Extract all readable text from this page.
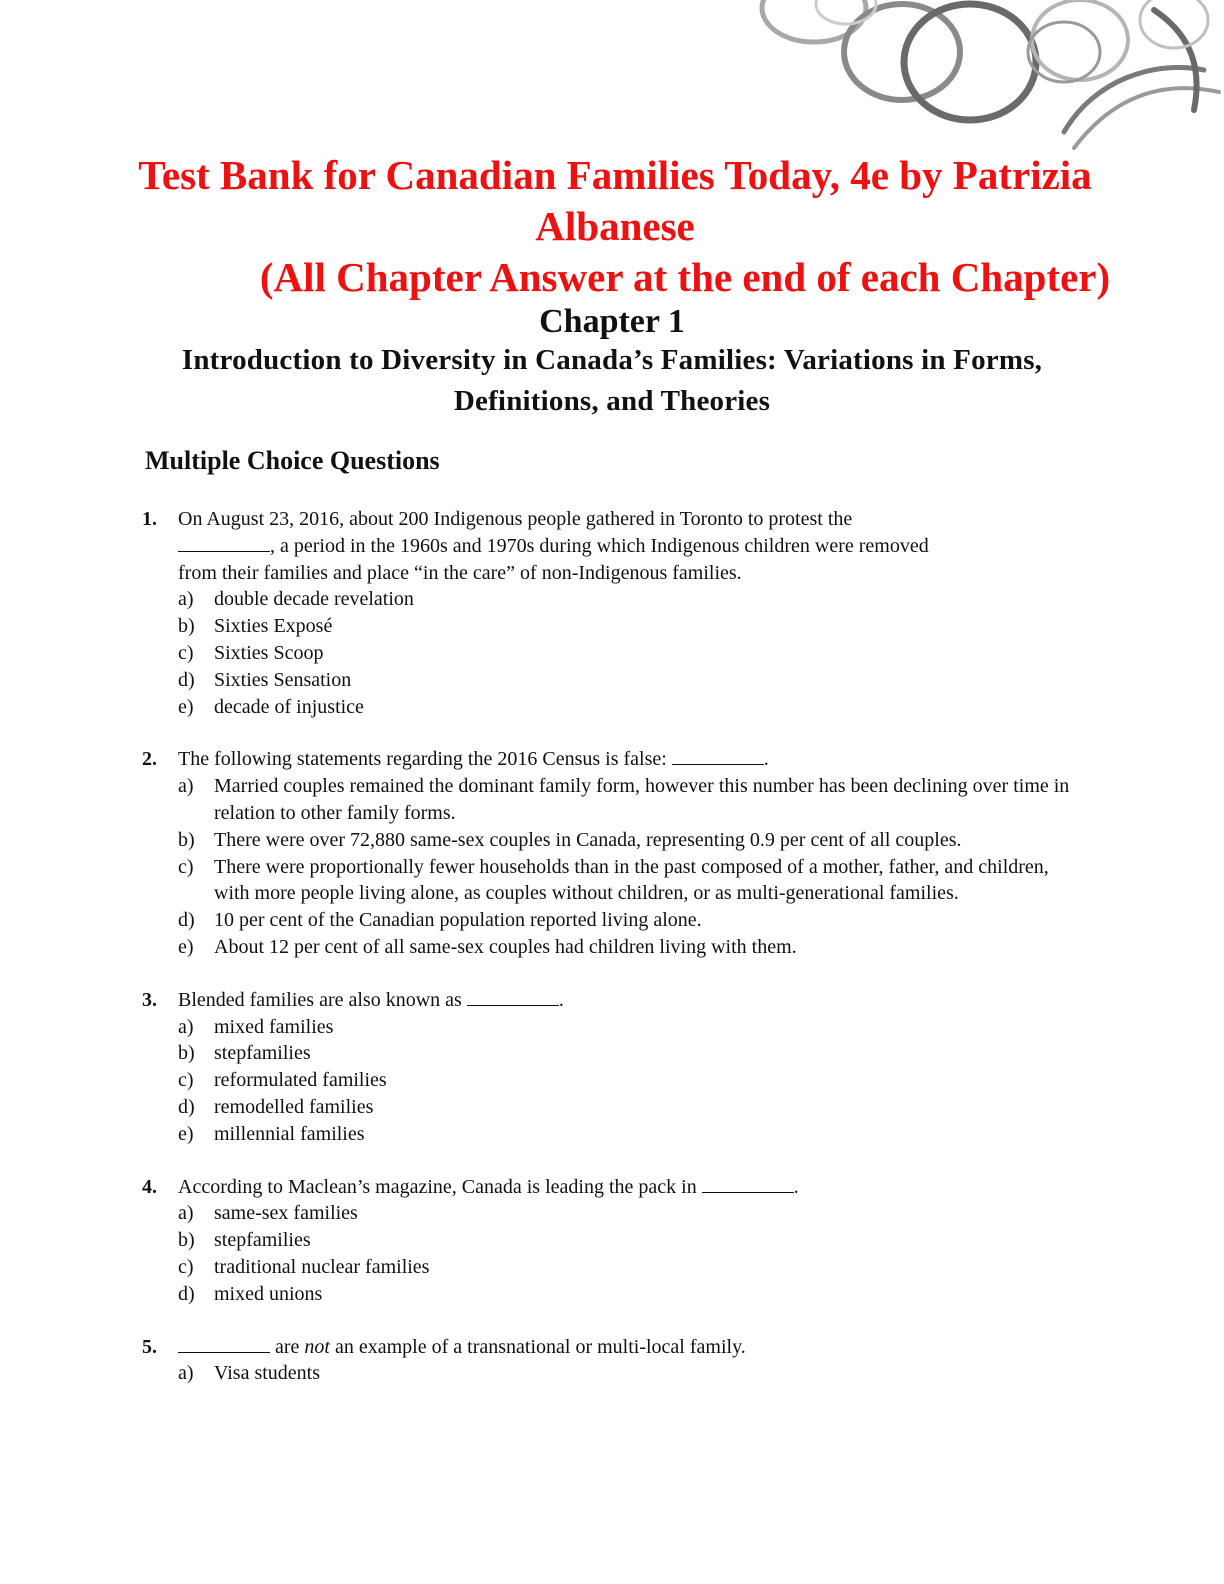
Test Bank for Canadian Families Today, 4e by Patrizia
Albanese
(All Chapter Answer at the end of each Chapter)
Chapter 1
Introduction to Diversity in Canada’s Families: Variations in Forms,
Definitions, and Theories
Multiple Choice Questions
1. On August 23, 2016, about 200 Indigenous people gathered in Toronto to protest the
, a period in the 1960s and 1970s during which Indigenous children were removed
from their families and place “in the care” of non-Indigenous families.
a) double decade revelation
b) Sixties Exposé
c) Sixties Scoop
d) Sixties Sensation
e) decade of injustice
2. The following statements regarding the 2016 Census is false:	.
a) Married couples remained the dominant family form, however this number has been declining over time in relation to other family forms.
b) There were over 72,880 same-sex couples in Canada, representing 0.9 per cent of all couples.
c) There were proportionally fewer households than in the past composed of a mother, father, and children, with more people living alone, as couples without children, or as multi-generational families.
d) 10 per cent of the Canadian population reported living alone.
e) About 12 per cent of all same-sex couples had children living with them.
3. Blended families are also known as	.
a) mixed families
b) stepfamilies
c) reformulated families
d) remodelled families
e) millennial families
4. According to Maclean’s magazine, Canada is leading the pack in	.
a) same-sex families
b) stepfamilies
c) traditional nuclear families
d) mixed unions
5.	are not an example of a transnational or multi-local family.
a) Visa students
